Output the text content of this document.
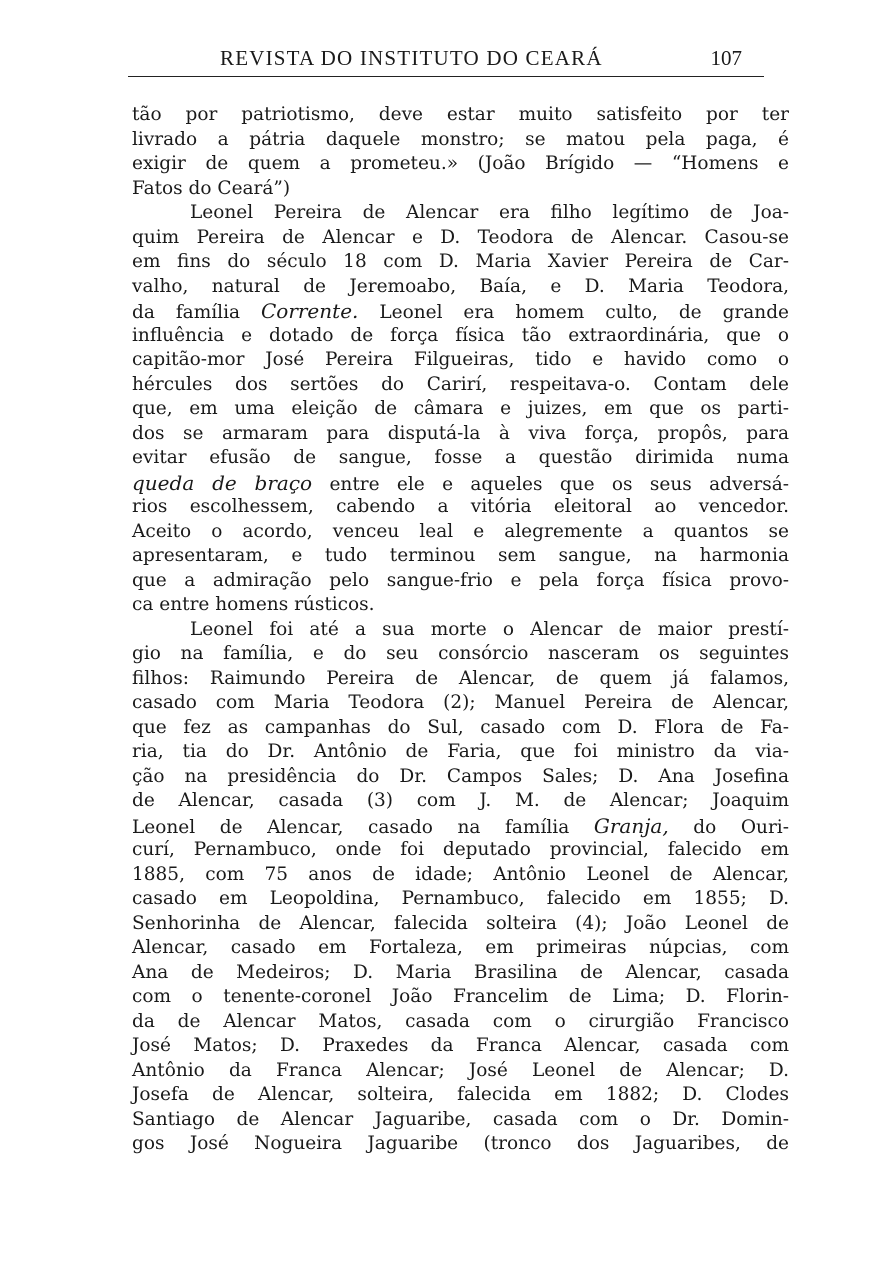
REVISTA DO INSTITUTO DO CEARÁ	107
tão por patriotismo, deve estar muito satisfeito por ter
livrado a pátria daquele monstro; se matou pela paga, é
exigir de quem a prometeu.» (João Brígido — “Homens e
Fatos do Ceará”)
Leonel Pereira de Alencar era filho legítimo de Joa-
quim Pereira de Alencar e D. Teodora de Alencar. Casou-se
em fins do século 18 com D. Maria Xavier Pereira de Car-
valho, natural de Jeremoabo, Baía, e D. Maria Teodora,
da família Corrente. Leonel era homem culto, de grande
influência e dotado de força física tão extraordinária, que o
capitão-mor José Pereira Filgueiras, tido e havido como o
hércules dos sertões do Carirí, respeitava-o. Contam dele
que, em uma eleição de câmara e juizes, em que os parti-
dos se armaram para disputá-la à viva força, propôs, para
evitar efusão de sangue, fosse a questão dirimida numa
queda de braço entre ele e aqueles que os seus adversá-
rios escolhessem, cabendo a vitória eleitoral ao vencedor.
Aceito o acordo, venceu leal e alegremente a quantos se
apresentaram, e tudo terminou sem sangue, na harmonia
que a admiração pelo sangue-frio e pela força física provo-
ca entre homens rústicos.
Leonel foi até a sua morte o Alencar de maior prestí-
gio na família, e do seu consórcio nasceram os seguintes
filhos: Raimundo Pereira de Alencar, de quem já falamos,
casado com Maria Teodora (2); Manuel Pereira de Alencar,
que fez as campanhas do Sul, casado com D. Flora de Fa-
ria, tia do Dr. Antônio de Faria, que foi ministro da via-
ção na presidência do Dr. Campos Sales; D. Ana Josefina
de Alencar, casada (3) com J. M. de Alencar; Joaquim
Leonel de Alencar, casado na família Granja, do Ouri-
curí, Pernambuco, onde foi deputado provincial, falecido em
1885, com 75 anos de idade; Antônio Leonel de Alencar,
casado em Leopoldina, Pernambuco, falecido em 1855; D.
Senhorinha de Alencar, falecida solteira (4); João Leonel de
Alencar, casado em Fortaleza, em primeiras núpcias, com
Ana de Medeiros; D. Maria Brasilina de Alencar, casada
com o tenente-coronel João Francelim de Lima; D. Florin-
da de Alencar Matos, casada com o cirurgião Francisco
José Matos; D. Praxedes da Franca Alencar, casada com
Antônio da Franca Alencar; José Leonel de Alencar; D.
Josefa de Alencar, solteira, falecida em 1882; D. Clodes
Santiago de Alencar Jaguaribe, casada com o Dr. Domin-
gos José Nogueira Jaguaribe (tronco dos Jaguaribes, de
